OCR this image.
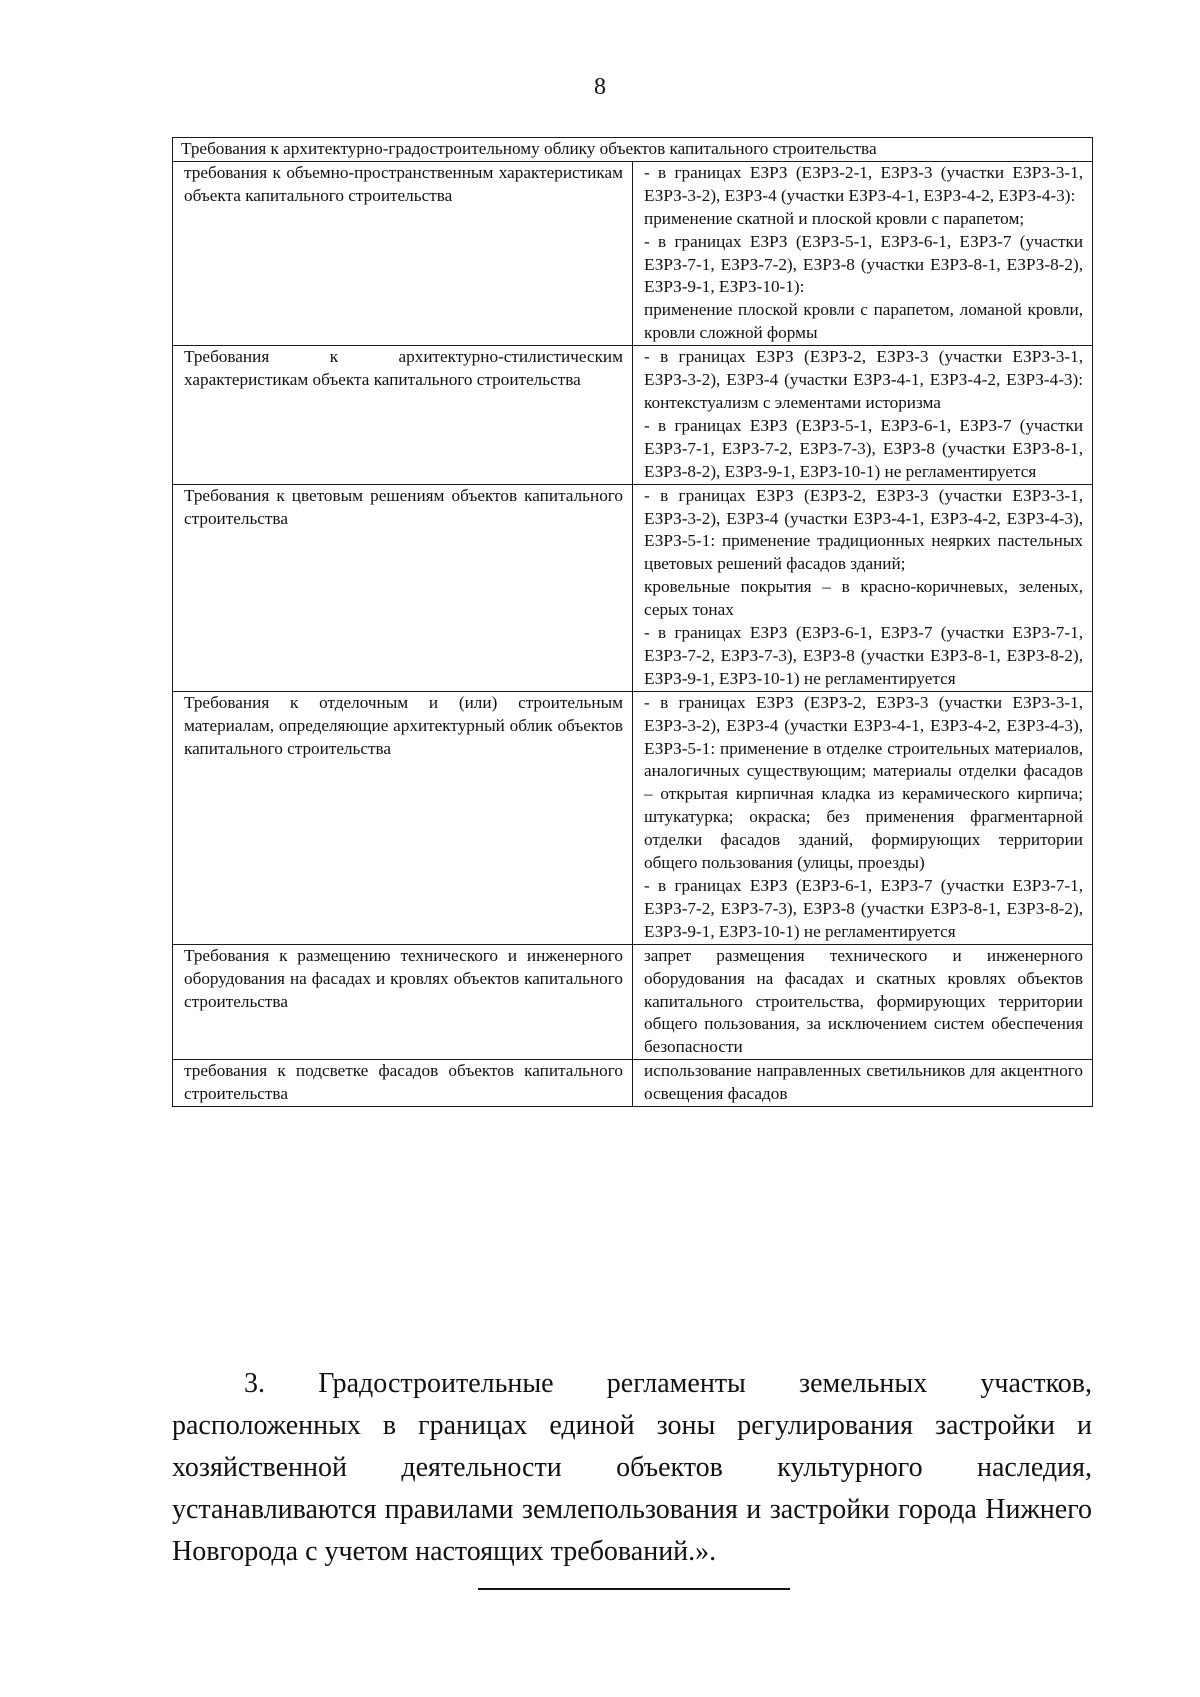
8
Требования к архитектурно-градостроительному облику объектов капитального строительства	
требования к объемно-пространственным характеристикам объекта капитального строительства	- в границах ЕЗРЗ (ЕЗРЗ-2-1, ЕЗРЗ-3 (участки ЕЗРЗ-3-1, ЕЗРЗ-3-2), ЕЗРЗ-4 (участки ЕЗРЗ-4-1, ЕЗРЗ-4-2, ЕЗРЗ-4-3):

применение скатной и плоской кровли с парапетом;

- в границах ЕЗРЗ (ЕЗРЗ-5-1, ЕЗРЗ-6-1, ЕЗРЗ-7 (участки ЕЗРЗ-7-1, ЕЗРЗ-7-2), ЕЗРЗ-8 (участки ЕЗРЗ-8-1, ЕЗРЗ-8-2), ЕЗРЗ-9-1, ЕЗРЗ-10-1):

применение плоской кровли с парапетом, ломаной кровли, кровли сложной формы

Требования к архитектурно-стилистическим характеристикам объекта капитального строительства	- в границах ЕЗРЗ (ЕЗРЗ-2, ЕЗРЗ-3 (участки ЕЗРЗ-3-1, ЕЗРЗ-3-2), ЕЗРЗ-4 (участки ЕЗРЗ-4-1, ЕЗРЗ-4-2, ЕЗРЗ-4-3): контекстуализм с элементами историзма

- в границах ЕЗРЗ (ЕЗРЗ-5-1, ЕЗРЗ-6-1, ЕЗРЗ-7 (участки ЕЗРЗ-7-1, ЕЗРЗ-7-2, ЕЗРЗ-7-3), ЕЗРЗ-8 (участки ЕЗРЗ-8-1, ЕЗРЗ-8-2), ЕЗРЗ-9-1, ЕЗРЗ-10-1) не регламентируется

Требования к цветовым решениям объектов капитального строительства	- в границах ЕЗРЗ (ЕЗРЗ-2, ЕЗРЗ-3 (участки ЕЗРЗ-3-1, ЕЗРЗ-3-2), ЕЗРЗ-4 (участки ЕЗРЗ-4-1, ЕЗРЗ-4-2, ЕЗРЗ-4-3), ЕЗРЗ-5-1: применение традиционных неярких пастельных цветовых решений фасадов зданий;

кровельные покрытия – в красно-коричневых, зеленых, серых тонах

- в границах ЕЗРЗ (ЕЗРЗ-6-1, ЕЗРЗ-7 (участки ЕЗРЗ-7-1, ЕЗРЗ-7-2, ЕЗРЗ-7-3), ЕЗРЗ-8 (участки ЕЗРЗ-8-1, ЕЗРЗ-8-2), ЕЗРЗ-9-1, ЕЗРЗ-10-1) не регламентируется

Требования к отделочным и (или) строительным материалам, определяющие архитектурный облик объектов капитального строительства	- в границах ЕЗРЗ (ЕЗРЗ-2, ЕЗРЗ-3 (участки ЕЗРЗ-3-1, ЕЗРЗ-3-2), ЕЗРЗ-4 (участки ЕЗРЗ-4-1, ЕЗРЗ-4-2, ЕЗРЗ-4-3), ЕЗРЗ-5-1: применение в отделке строительных материалов, аналогичных существующим; материалы отделки фасадов – открытая кирпичная кладка из керамического кирпича; штукатурка; окраска; без применения фрагментарной отделки фасадов зданий, формирующих территории общего пользования (улицы, проезды)

- в границах ЕЗРЗ (ЕЗРЗ-6-1, ЕЗРЗ-7 (участки ЕЗРЗ-7-1, ЕЗРЗ-7-2, ЕЗРЗ-7-3), ЕЗРЗ-8 (участки ЕЗРЗ-8-1, ЕЗРЗ-8-2), ЕЗРЗ-9-1, ЕЗРЗ-10-1) не регламентируется

Требования к размещению технического и инженерного оборудования на фасадах и кровлях объектов капитального строительства	запрет размещения технического и инженерного оборудования на фасадах и скатных кровлях объектов капитального строительства, формирующих территории общего пользования, за исключением систем обеспечения безопасности

требования к подсветке фасадов объектов капитального строительства	использование направленных светильников для акцентного освещения фасадов

3. Градостроительные регламенты земельных участков, расположенных в границах единой зоны регулирования застройки и хозяйственной деятельности объектов культурного наследия, устанавливаются правилами землепользования и застройки города Нижнего Новгорода с учетом настоящих требований.».
